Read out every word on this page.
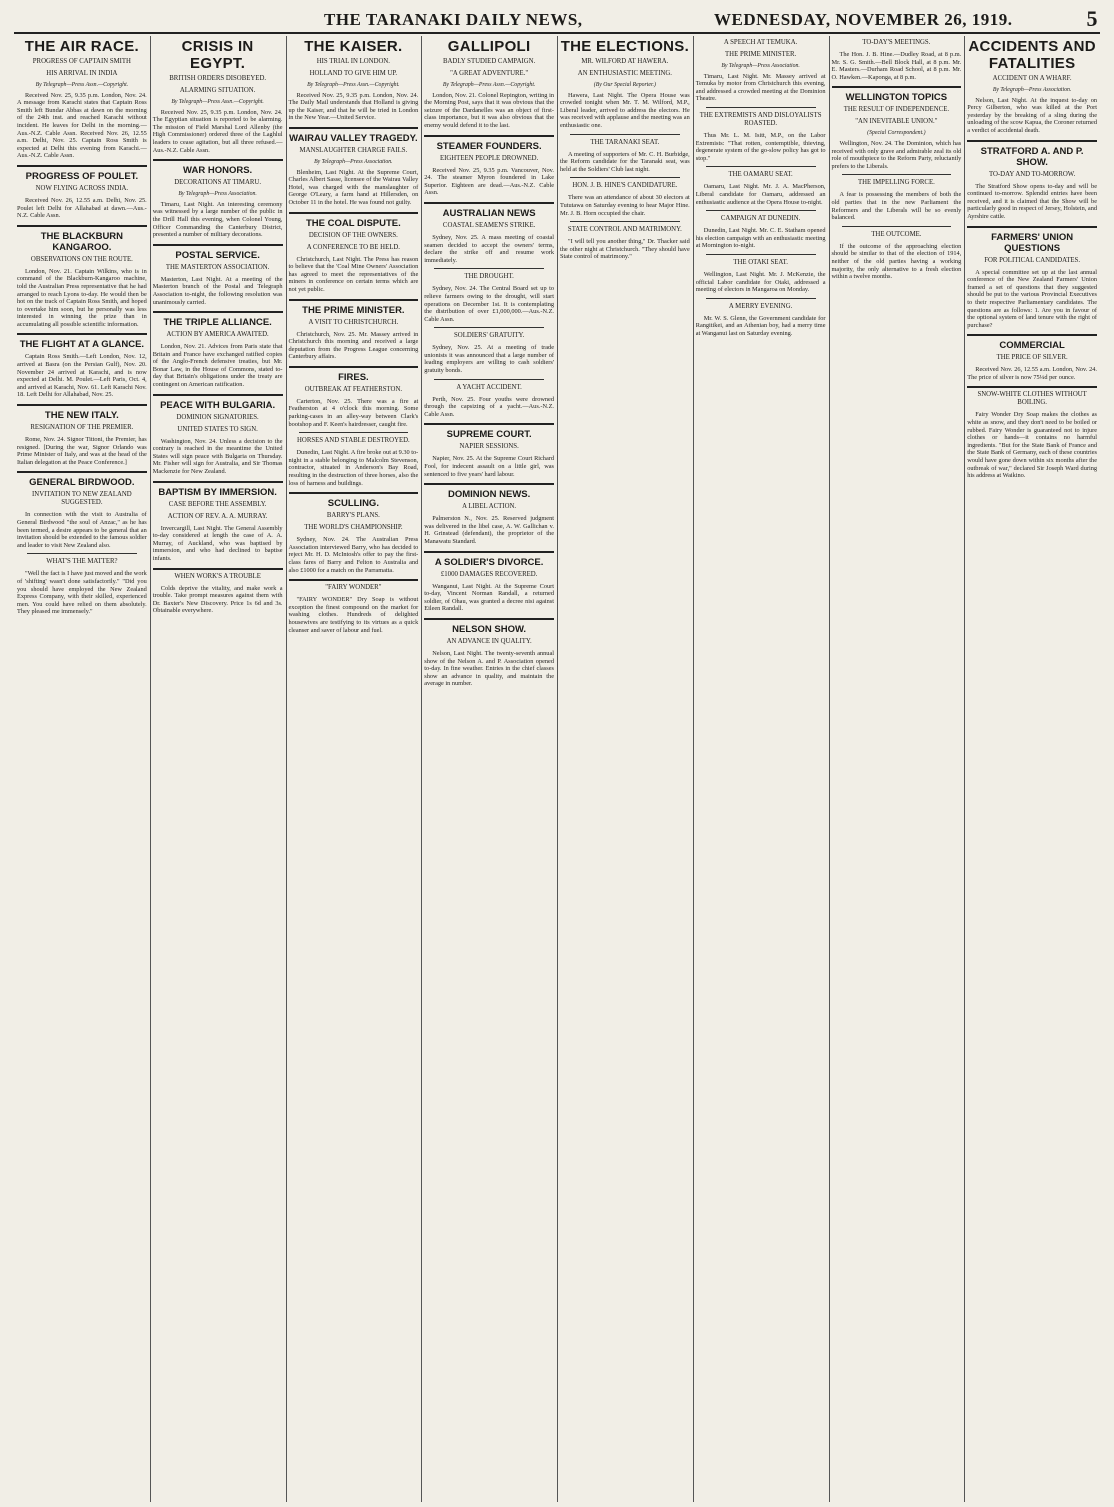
THE TARANAKI DAILY NEWS,	WEDNESDAY, NOVEMBER 26, 1919.	5
THE AIR RACE.
PROGRESS OF CAPTAIN SMITH
HIS ARRIVAL IN INDIA
By Telegraph—Press Assn.—Copyright.

Received Nov. 25, 9.35 p.m. London, Nov. 24. A message from Karachi states that Captain Ross Smith left Bundar Abbas at dawn on the morning of the 24th inst. and reached Karachi without incident. He leaves for Delhi in the morning.—Aus.-N.Z. Cable Assn. Received Nov. 26, 12.55 a.m. Delhi, Nov. 25. Captain Ross Smith is expected at Delhi this evening from Karachi.—Aus.-N.Z. Cable Assn.

PROGRESS OF POULET.
NOW FLYING ACROSS INDIA.

Received Nov. 26, 12.55 a.m. Delhi, Nov. 25. Poulet left Delhi for Allahabad at dawn.—Aus.-N.Z. Cable Assn.

THE BLACKBURN KANGAROO.
OBSERVATIONS ON THE ROUTE.

London, Nov. 21. Captain Wilkins, who is in command of the Blackburn-Kangaroo machine, told the Australian Press representative that he had arranged to reach Lyons to-day. He would then be hot on the track of Captain Ross Smith, and hoped to overtake him soon, but he personally was less interested in winning the prize than in accumulating all possible scientific information.

THE FLIGHT AT A GLANCE.

Captain Ross Smith.—Left London, Nov. 12, arrived at Basra (on the Persian Gulf), Nov. 20. November 24 arrived at Karachi, and is now expected at Delhi. M. Poulet.—Left Paris, Oct. 4, and arrived at Karachi, Nov. 61. Left Karachi Nov. 18. Left Delhi for Allahabad, Nov. 25.

THE NEW ITALY.
RESIGNATION OF THE PREMIER.

Rome, Nov. 24. Signor Tittoni, the Premier, has resigned. [During the war, Signor Orlando was Prime Minister of Italy, and was at the head of the Italian delegation at the Peace Conference.]

GENERAL BIRDWOOD.
INVITATION TO NEW ZEALAND SUGGESTED.

In connection with the visit to Australia of General Birdwood "the soul of Anzac," as he has been termed, a desire appears to be general that an invitation should be extended to the famous soldier and leader to visit New Zealand also.

WHAT'S THE MATTER?

"Well the fact is I have just moved and the work of 'shifting' wasn't done satisfactorily." "Did you you should have employed the New Zealand Express Company, with their skilled, experienced men. You could have relied on them absolutely. They pleased me immensely."

CRISIS IN EGYPT.
BRITISH ORDERS DISOBEYED.
ALARMING SITUATION.
By Telegraph—Press Assn.—Copyright.

Received Nov. 25, 9.35 p.m. London, Nov. 24. The Egyptian situation is reported to be alarming. The mission of Field Marshal Lord Allenby (the High Commissioner) ordered three of the Laghlul leaders to cease agitation, but all three refused.—Aus.-N.Z. Cable Assn.

WAR HONORS.
DECORATIONS AT TIMARU.
By Telegraph—Press Association.

Timaru, Last Night. An interesting ceremony was witnessed by a large number of the public in the Drill Hall this evening, when Colonel Young, Officer Commanding the Canterbury District, presented a number of military decorations.

POSTAL SERVICE.
THE MASTERTON ASSOCIATION.

Masterton, Last Night. At a meeting of the Masterton branch of the Postal and Telegraph Association to-night, the following resolution was unanimously carried.

THE TRIPLE ALLIANCE.
ACTION BY AMERICA AWAITED.

London, Nov. 21. Advices from Paris state that Britain and France have exchanged ratified copies of the Anglo-French defensive treaties, but Mr. Bonar Law, in the House of Commons, stated to-day that Britain's obligations under the treaty are contingent on American ratification.

PEACE WITH BULGARIA.
DOMINION SIGNATORIES.
UNITED STATES TO SIGN.

Washington, Nov. 24. Unless a decision to the contrary is reached in the meantime the United States will sign peace with Bulgaria on Thursday. Mr. Fisher will sign for Australia, and Sir Thomas Mackenzie for New Zealand.

BAPTISM BY IMMERSION.
CASE BEFORE THE ASSEMBLY.
ACTION OF REV. A. A. MURRAY.

Invercargill, Last Night. The General Assembly to-day considered at length the case of A. A. Murray, of Auckland, who was baptised by immersion, and who had declined to baptise infants.

WHEN WORK'S A TROUBLE

Colds deprive the vitality, and make work a trouble. Take prompt measures against them with Dr. Baxter's New Discovery. Price 1s 6d and 3s. Obtainable everywhere.

THE KAISER.
HIS TRIAL IN LONDON.
HOLLAND TO GIVE HIM UP.
By Telegraph—Press Assn.—Copyright.

Received Nov. 25, 9.35 p.m. London, Nov. 24. The Daily Mail understands that Holland is giving up the Kaiser, and that he will be tried in London in the New Year.—United Service.

WAIRAU VALLEY TRAGEDY.
MANSLAUGHTER CHARGE FAILS.
By Telegraph—Press Association.

Blenheim, Last Night. At the Supreme Court, Charles Albert Sasse, licensee of the Wairau Valley Hotel, was charged with the manslaughter of George O'Leary, a farm hand at Hillersden, on October 11 in the hotel. He was found not guilty.

THE COAL DISPUTE.
DECISION OF THE OWNERS.
A CONFERENCE TO BE HELD.

Christchurch, Last Night. The Press has reason to believe that the 'Coal Mine Owners' Association has agreed to meet the representatives of the miners in conference on certain terms which are not yet public.

THE PRIME MINISTER.
A VISIT TO CHRISTCHURCH.

Christchurch, Nov. 25. Mr. Massey arrived in Christchurch this morning and received a large deputation from the Progress League concerning Canterbury affairs.

FIRES.
OUTBREAK AT FEATHERSTON.

Carterton, Nov. 25. There was a fire at Featherston at 4 o'clock this morning. Some parking-cases in an alley-way between Clark's bootshop and F. Keen's hairdresser, caught fire.

HORSES AND STABLE DESTROYED.

Dunedin, Last Night. A fire broke out at 9.30 to-night in a stable belonging to Malcolm Stevenson, contractor, situated in Anderson's Bay Road, resulting in the destruction of three horses, also the loss of harness and buildings.

SCULLING.
BARRY'S PLANS.
THE WORLD'S CHAMPIONSHIP.

Sydney, Nov. 24. The Australian Press Association interviewed Barry, who has decided to reject Mr. H. D. McIntosh's offer to pay the first-class fares of Barry and Felton to Australia and also £1000 for a match on the Parramatta.

"FAIRY WONDER"

"FAIRY WONDER" Dry Soap is without exception the finest compound on the market for washing clothes. Hundreds of delighted housewives are testifying to its virtues as a quick cleanser and saver of labour and fuel.

GALLIPOLI
BADLY STUDIED CAMPAIGN.
"A GREAT ADVENTURE."
By Telegraph—Press Assn.—Copyright.

London, Nov. 21. Colonel Repington, writing in the Morning Post, says that it was obvious that the seizure of the Dardanelles was an object of first-class importance, but it was also obvious that the enemy would defend it to the last.

STEAMER FOUNDERS.
EIGHTEEN PEOPLE DROWNED.

Received Nov. 25, 9.35 p.m. Vancouver, Nov. 24. The steamer Myron foundered in Lake Superior. Eighteen are dead.—Aus.-N.Z. Cable Assn.

AUSTRALIAN NEWS
COASTAL SEAMEN'S STRIKE.

Sydney, Nov. 25. A mass meeting of coastal seamen decided to accept the owners' terms, declare the strike off and resume work immediately.

THE DROUGHT.

Sydney, Nov. 24. The Central Board set up to relieve farmers owing to the drought, will start operations on December 1st. It is contemplating the distribution of over £1,000,000.—Aus.-N.Z. Cable Assn.

SOLDIERS' GRATUITY.

Sydney, Nov. 25. At a meeting of trade unionists it was announced that a large number of leading employers are willing to cash soldiers' gratuity bonds.

A YACHT ACCIDENT.

Perth, Nov. 25. Four youths were drowned through the capsizing of a yacht.—Aus.-N.Z. Cable Assn.

SUPREME COURT.
NAPIER SESSIONS.

Napier, Nov. 25. At the Supreme Court Richard Fool, for indecent assault on a little girl, was sentenced to five years' hard labour.

DOMINION NEWS.
A LIBEL ACTION.

Palmerston N., Nov. 25. Reserved judgment was delivered in the libel case, A. W. Gallichan v. H. Grinstead (defendant), the proprietor of the Manawatu Standard.

A SOLDIER'S DIVORCE.
£1000 DAMAGES RECOVERED.

Wanganui, Last Night. At the Supreme Court to-day, Vincent Norman Randall, a returned soldier, of Ohau, was granted a decree nisi against Eileen Randall.

NELSON SHOW.
AN ADVANCE IN QUALITY.

Nelson, Last Night. The twenty-seventh annual show of the Nelson A. and P. Association opened to-day. In fine weather. Entries in the chief classes show an advance in quality, and maintain the average in number.

THE ELECTIONS.
MR. WILFORD AT HAWERA.
AN ENTHUSIASTIC MEETING.
(By Our Special Reporter.)

Hawera, Last Night. The Opera House was crowded tonight when Mr. T. M. Wilford, M.P., Liberal leader, arrived to address the electors. He was received with applause and the meeting was an enthusiastic one.

THE TARANAKI SEAT.

A meeting of supporters of Mr. C. H. Burbidge, the Reform candidate for the Taranaki seat, was held at the Soldiers' Club last night.

HON. J. B. HINE'S CANDIDATURE.

There was an attendance of about 30 electors at Tututawa on Saturday evening to hear Major Hine. Mr. J. B. Horn occupied the chair.

STATE CONTROL AND MATRIMONY.

"I will tell you another thing," Dr. Thacker said the other night at Christchurch. "They should have State control of matrimony."

A SPEECH AT TEMUKA.
THE PRIME MINISTER.
By Telegraph—Press Association.

Timaru, Last Night. Mr. Massey arrived at Temuka by motor from Christchurch this evening, and addressed a crowded meeting at the Dominion Theatre.

THE EXTREMISTS AND DISLOYALISTS ROASTED.

Thus Mr. L. M. Isitt, M.P., on the Labor Extremists: "That rotten, contemptible, thieving, degenerate system of the go-slow policy has got to stop."

THE OAMARU SEAT.

Oamaru, Last Night. Mr. J. A. MacPherson, Liberal candidate for Oamaru, addressed an enthusiastic audience at the Opera House to-night.

CAMPAIGN AT DUNEDIN.

Dunedin, Last Night. Mr. C. E. Statham opened his election campaign with an enthusiastic meeting at Mornington to-night.

THE OTAKI SEAT.

Wellington, Last Night. Mr. J. McKenzie, the official Labor candidate for Otaki, addressed a meeting of electors in Mangaroa on Monday.

A MERRY EVENING.

Mr. W. S. Glenn, the Government candidate for Rangitikei, and an Athenian boy, had a merry time at Wanganui last on Saturday evening.

TO-DAY'S MEETINGS.

The Hon. J. B. Hine.—Dudley Road, at 8 p.m. Mr. S. G. Smith.—Bell Block Hall, at 8 p.m. Mr. E. Masters.—Durham Road School, at 8 p.m. Mr. O. Hawken.—Kaponga, at 8 p.m.

WELLINGTON TOPICS
THE RESULT OF INDEPENDENCE.
"AN INEVITABLE UNION."
(Special Correspondent.)

Wellington, Nov. 24. The Dominion, which has received with only grave and admirable zeal its old role of mouthpiece to the Reform Party, reluctantly prefers to the Liberals.

THE IMPELLING FORCE.

A fear is possessing the members of both the old parties that in the new Parliament the Reformers and the Liberals will be so evenly balanced.

THE OUTCOME.

If the outcome of the approaching election should be similar to that of the election of 1914, neither of the old parties having a working majority, the only alternative to a fresh election within a twelve months.

ACCIDENTS AND FATALITIES
ACCIDENT ON A WHARF.
By Telegraph—Press Association.

Nelson, Last Night. At the inquest to-day on Percy Gilberton, who was killed at the Port yesterday by the breaking of a sling during the unloading of the scow Kapua, the Coroner returned a verdict of accidental death.

STRATFORD A. AND P. SHOW.
TO-DAY AND TO-MORROW.

The Stratford Show opens to-day and will be continued to-morrow. Splendid entries have been received, and it is claimed that the Show will be particularly good in respect of Jersey, Holstein, and Ayrshire cattle.

FARMERS' UNION QUESTIONS
FOR POLITICAL CANDIDATES.

A special committee set up at the last annual conference of the New Zealand Farmers' Union framed a set of questions that they suggested should be put to the various Provincial Executives to their respective Parliamentary candidates. The questions are as follows: 1. Are you in favour of the optional system of land tenure with the right of purchase?

COMMERCIAL
THE PRICE OF SILVER.

Received Nov. 26, 12.55 a.m. London, Nov. 24. The price of silver is now 75¼d per ounce.

SNOW-WHITE CLOTHES WITHOUT BOILING.

Fairy Wonder Dry Soap makes the clothes as white as snow, and they don't need to be boiled or rubbed. Fairy Wonder is guaranteed not to injure clothes or hands—it contains no harmful ingredients. "But for the State Bank of France and the State Bank of Germany, each of these countries would have gone down within six months after the outbreak of war," declared Sir Joseph Ward during his address at Waikino.
